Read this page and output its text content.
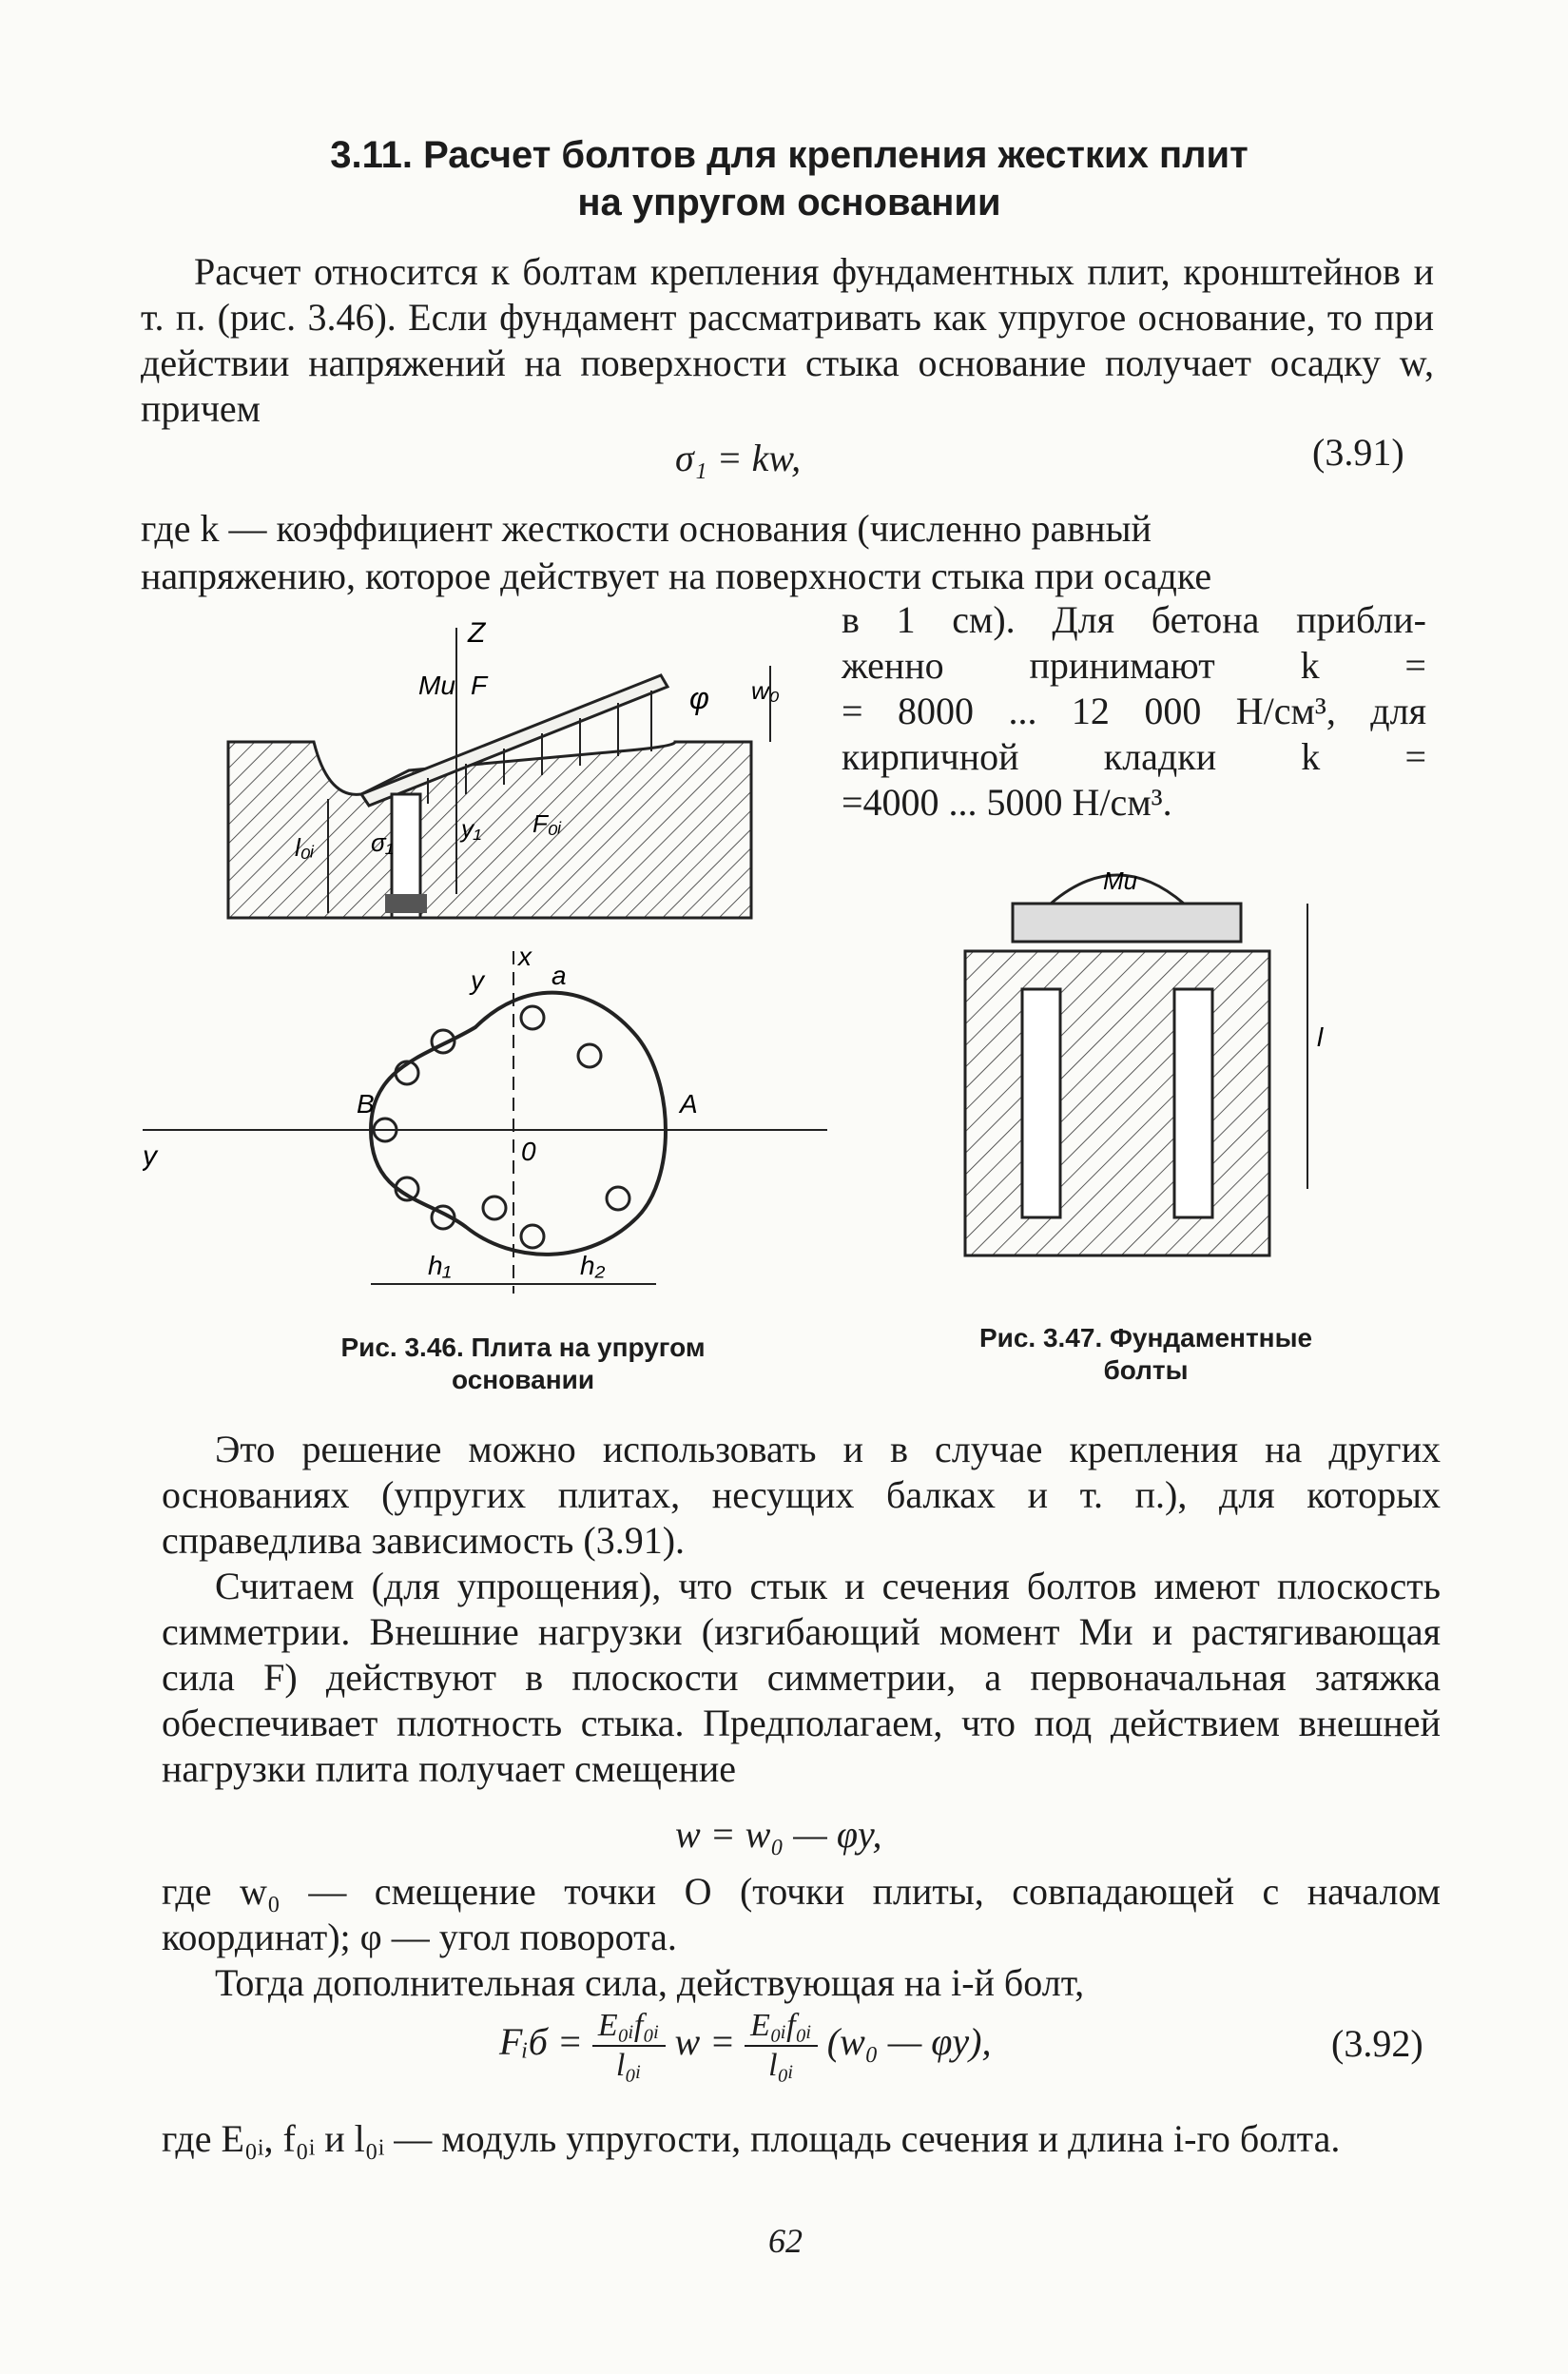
3.11. Расчет болтов для крепления жестких плит
на упругом основании

Расчет относится к болтам крепления фундаментных плит, кронштейнов и т. п. (рис. 3.46). Если фундамент рассматривать как упругое основание, то при действии напряжений на поверхности стыка основание получает осадку w, причем

σ₁ = kw,	(3.91)
где k — коэффициент жесткости основания (численно равный
напряжению, которое действует на поверхности стыка при осадке

в 1 см). Для бетона прибли-

женно принимают k =

= 8000 ... 12 000 Н/см³, для

кирпичной кладки k =

=4000 ... 5000 Н/см³.

Z
Mи F	φ w₀
l₀ᵢ σ₁	y₁ F₀ᵢ
y
B	A
0
y
x
a
h₁	h₂
Mи
l
Рис. 3.46. Плита на упругом
основании
Рис. 3.47. Фундаментные
болты

Это решение можно использовать и в случае крепления на других основаниях (упругих плитах, несущих балках и т. п.), для которых справедлива зависимость (3.91).

Считаем (для упрощения), что стык и сечения болтов имеют плоскость симметрии. Внешние нагрузки (изгибающий момент Mи и растягивающая сила F) действуют в плоскости симметрии, а первоначальная затяжка обеспечивает плотность стыка. Предполагаем, что под действием внешней нагрузки плита получает смещение

w = w₀ — φy,

где w₀ — смещение точки O (точки плиты, совпадающей с началом координат); φ — угол поворота.

Тогда дополнительная сила, действующая на i-й болт,

Fᵢб = $\frac{\text{E₀ᵢf₀ᵢ}}{\text{l₀ᵢ}}$ $w = \frac{\text{E₀ᵢf₀ᵢ}}{\text{l₀ᵢ}} (w_0$ — φy),	(3.92)

где E₀ᵢ, f₀ᵢ и l₀ᵢ — модуль упругости, площадь сечения и длина i-го болта.

62
